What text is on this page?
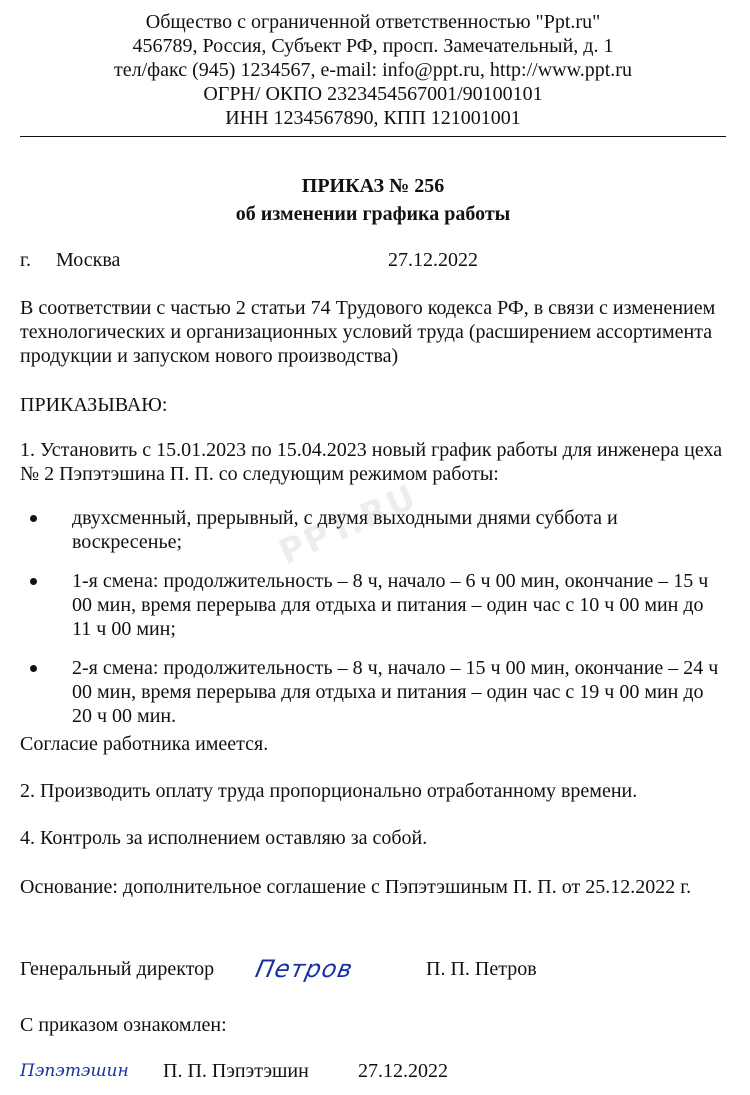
Общество с ограниченной ответственностью "Ppt.ru"
456789, Россия, Субъект РФ, просп. Замечательный, д. 1
тел/факс (945) 1234567, e-mail: info@ppt.ru, http://www.ppt.ru
ОГРН/ ОКПО 2323454567001/90100101
ИНН 1234567890, КПП 121001001
ПРИКАЗ № 256
об изменении графика работы
г. Москва	27.12.2022

В соответствии с частью 2 статьи 74 Трудового кодекса РФ, в связи с изменением технологических и организационных условий труда (расширением ассортимента продукции и запуском нового производства)

ПРИКАЗЫВАЮ:

1. Установить с 15.01.2023 по 15.04.2023 новый график работы для инженера цеха № 2 Пэпэтэшина П. П. со следующим режимом работы:

PPT.RU
двухсменный, прерывный, с двумя выходными днями суббота и воскресенье;
1-я смена: продолжительность – 8 ч, начало – 6 ч 00 мин, окончание – 15 ч 00 мин, время перерыва для отдыха и питания – один час с 10 ч 00 мин до 11 ч 00 мин;
2-я смена: продолжительность – 8 ч, начало – 15 ч 00 мин, окончание – 24 ч 00 мин, время перерыва для отдыха и питания – один час с 19 ч 00 мин до 20 ч 00 мин.

Согласие работника имеется.

2. Производить оплату труда пропорционально отработанному времени.

4. Контроль за исполнением оставляю за собой.

Основание: дополнительное соглашение с Пэпэтэшиным П. П. от 25.12.2022 г.

Генеральный директор Петров	П. П. Петров

С приказом ознакомлен:

Пэпэтэшин П. П. Пэпэтэшин 27.12.2022
